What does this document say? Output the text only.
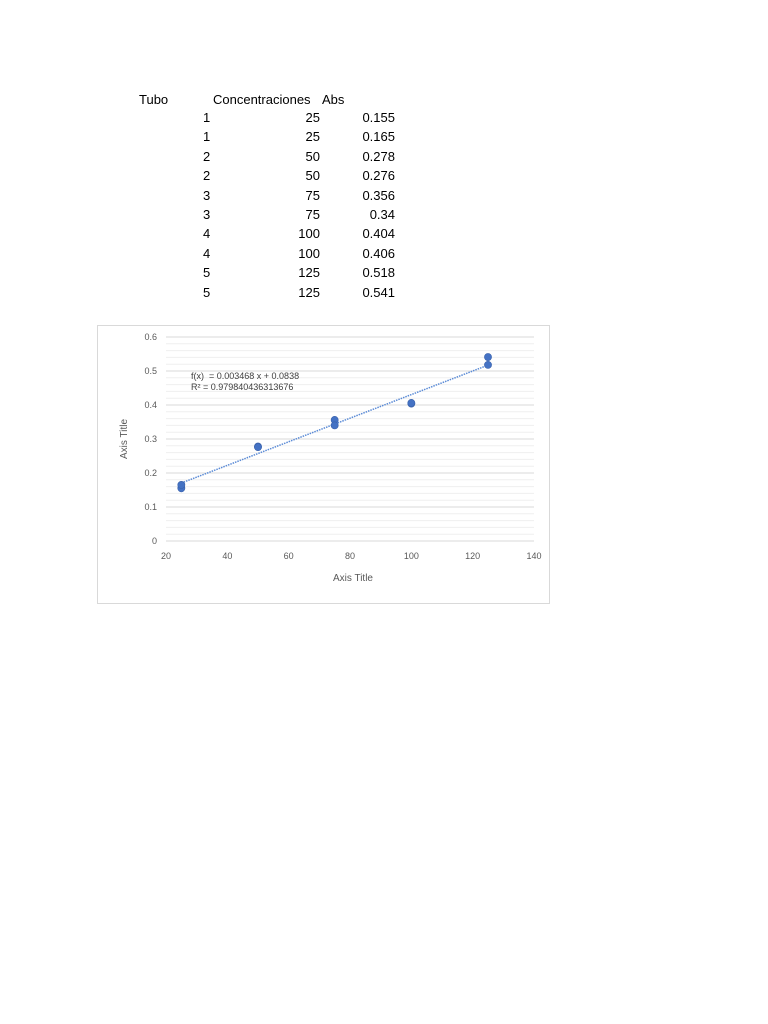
Tubo	Concentraciones Abs
1	25	0.155
1	25	0.165
2	50	0.278
2	50	0.276
3	75	0.356
3	75	0.34
4	100	0.404
4	100	0.406
5	125	0.518
5	125	0.541
0
0.1
0.2
0.3
0.4
0.5
0.6
20	40	60	80	100	120	140
Axis Title
Axis Title
f(x)  = 0.003468 x + 0.0838
R² = 0.979840436313676
